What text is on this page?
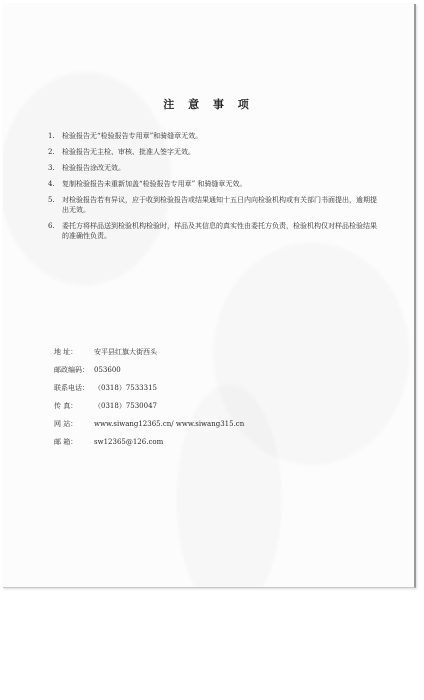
注 意 事 项
1.	检验报告无“检验报告专用章”和骑缝章无效。
2.	检验报告无主检、审核、批准人签字无效。
3.	检验报告涂改无效。
4.	复制检验报告未重新加盖“检验报告专用章” 和骑缝章无效。
5.	对检验报告若有异议，应于收到检验报告或结果通知十五日内向检验机构或有关部门书面提出，逾期提出无效。
6.	委托方将样品送到检验机构检验时，样品及其信息的真实性由委托方负责，检验机构仅对样品检验结果的准确性负责。
地 址：	安平县红旗大街西头
邮政编码： 053600
联系电话： （0318）7533315
传 真：	（0318）7530047
网 站：	www.siwang12365.cn/ www.siwang315.cn
邮 箱：	sw12365@126.com
